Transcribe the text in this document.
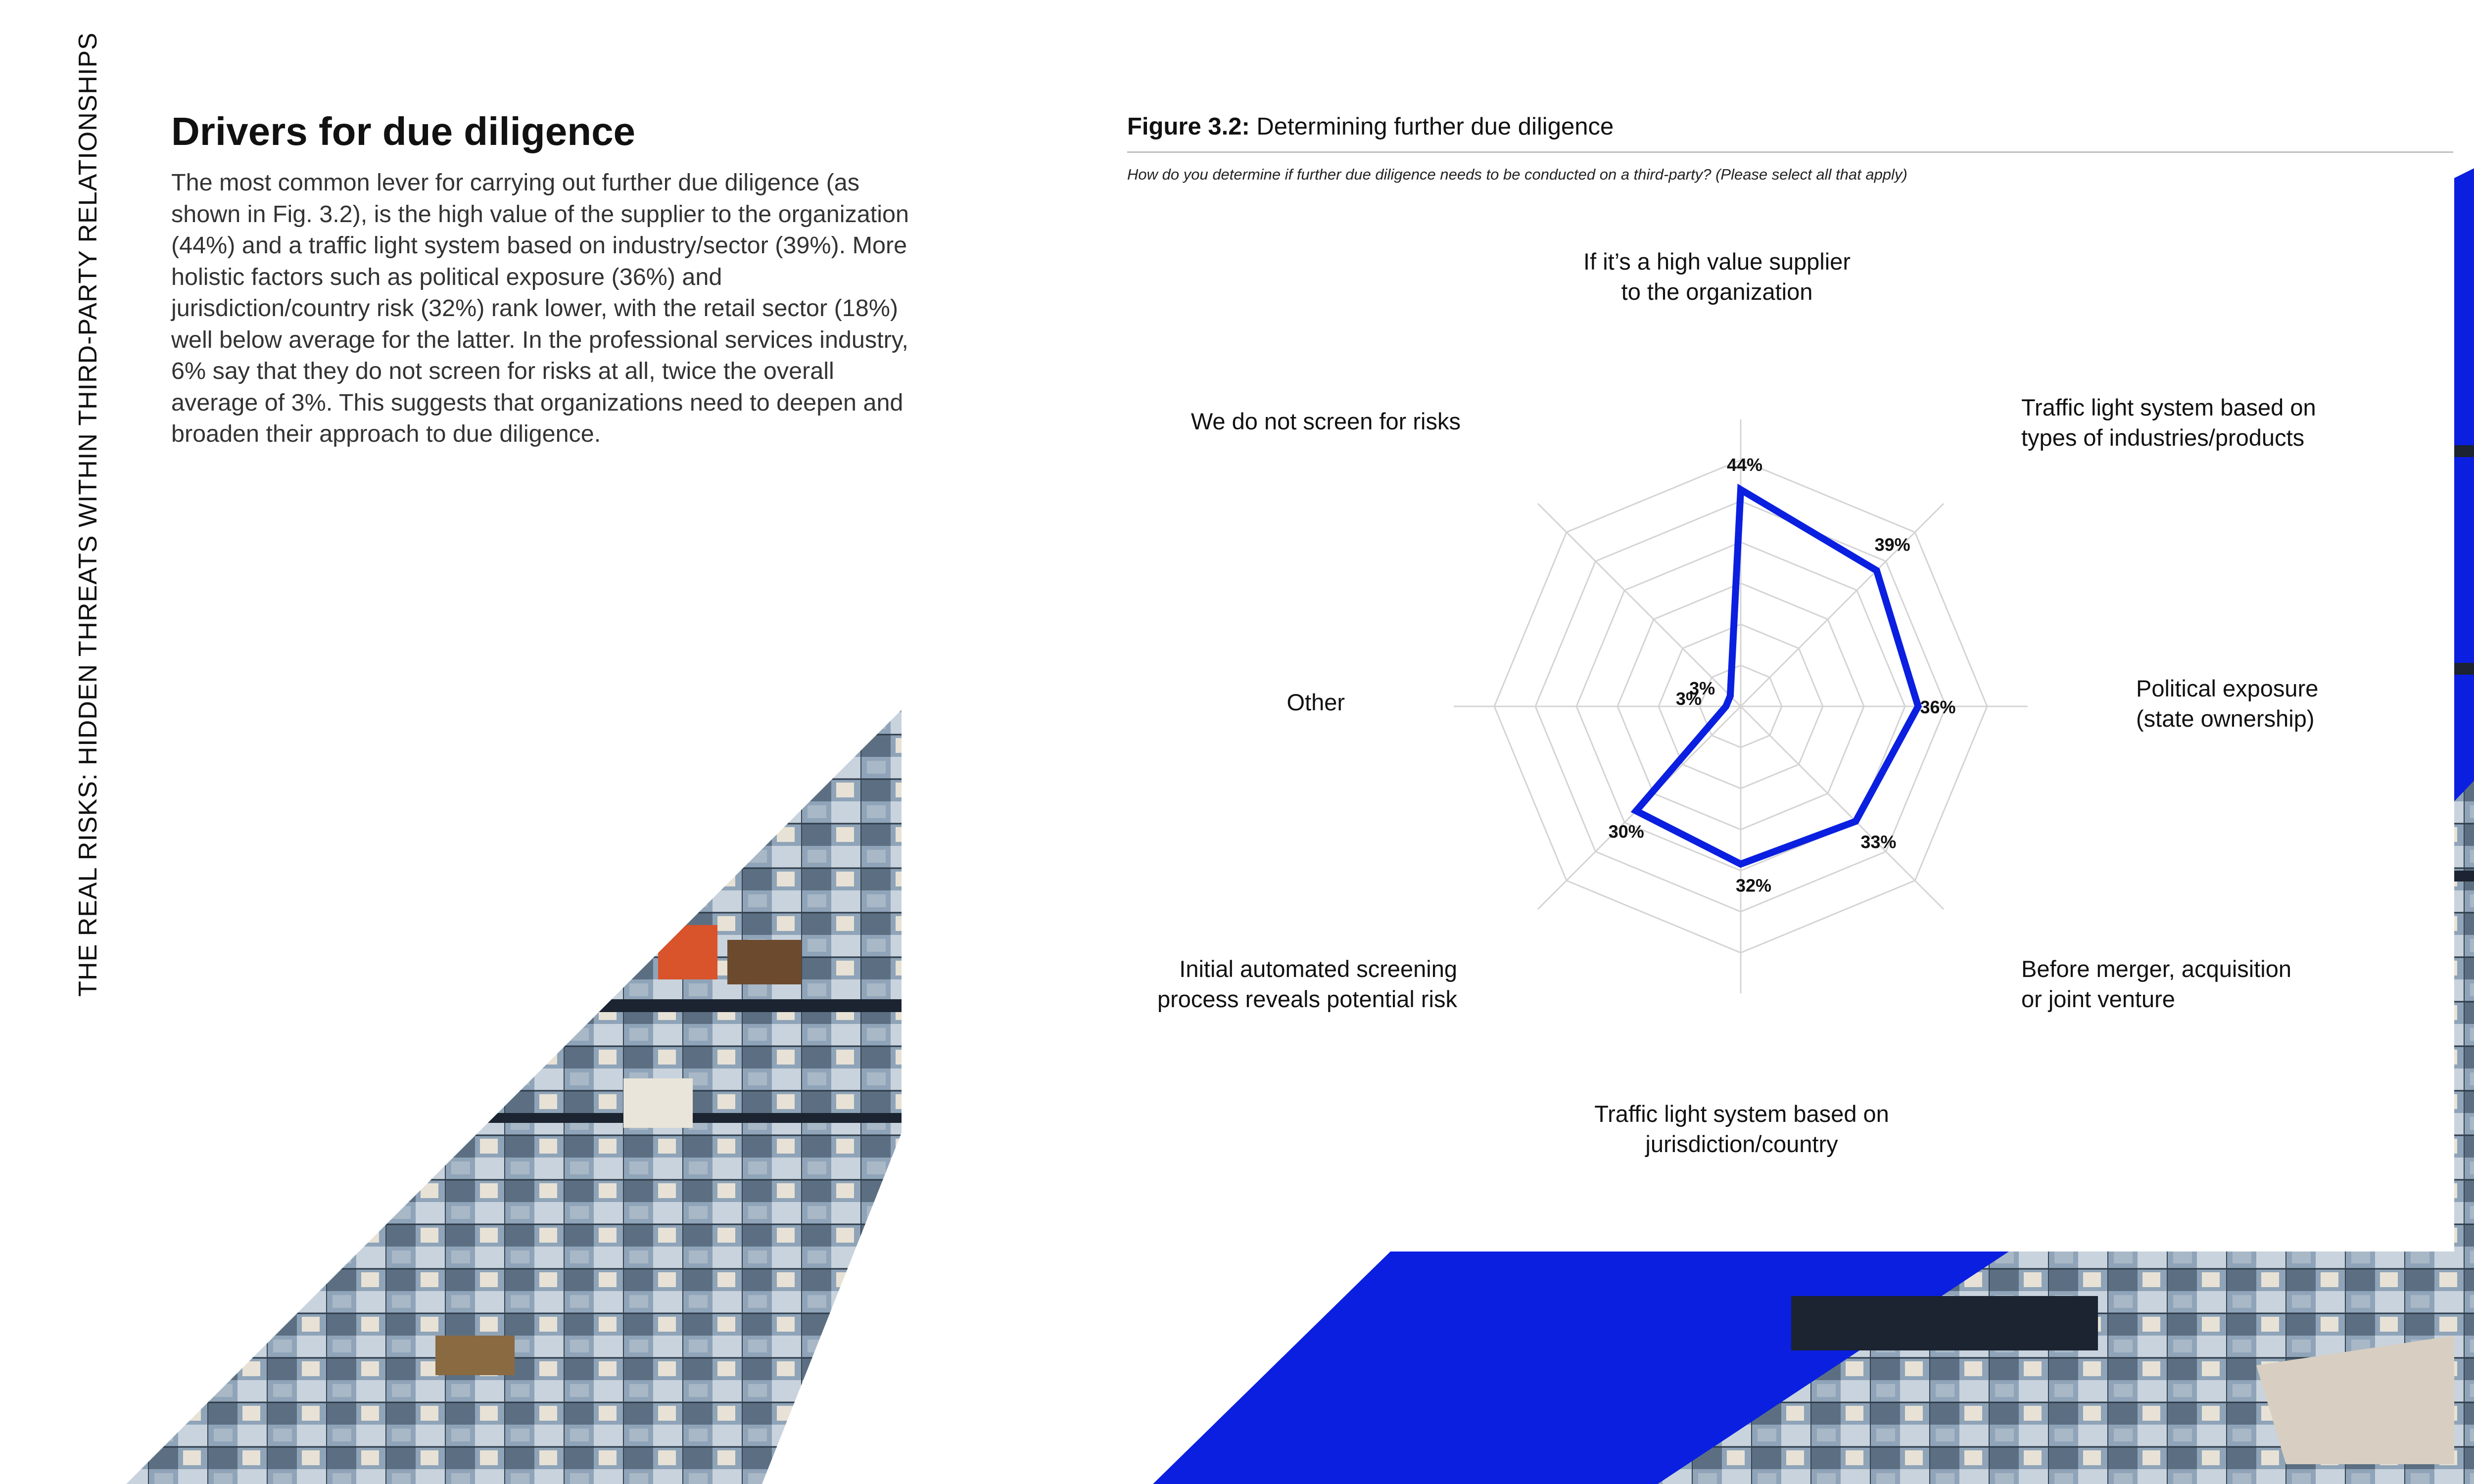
THE REAL RISKS: HIDDEN THREATS WITHIN THIRD-PARTY RELATIONSHIPS Drivers for due diligence
The most common lever for carrying out further due diligence (as shown in Fig. 3.2), is the high value of the supplier to the organization (44%) and a traffic light system based on industry/sector (39%). More holistic factors such as political exposure (36%) and jurisdiction/country risk (32%) rank lower, with the retail sector (18%) well below average for the latter. In the professional services industry, 6% say that they do not screen for risks at all, twice the overall average of 3%. This suggests that organizations need to deepen and broaden their approach to due diligence.
Figure 3.2: Determining further due diligence
How do you determine if further due diligence needs to be conducted on a third-party? (Please select all that apply)
44%
39%
36%
33%
32%
30%
3%
3%
If it’s a high value supplier to the organization
Traffic light system based on types of industries/products
Political exposure (state ownership)
Before merger, acquisition or joint venture
Traffic light system based on jurisdiction/country
Initial automated screening process reveals potential risk
Other
We do not screen for risks
